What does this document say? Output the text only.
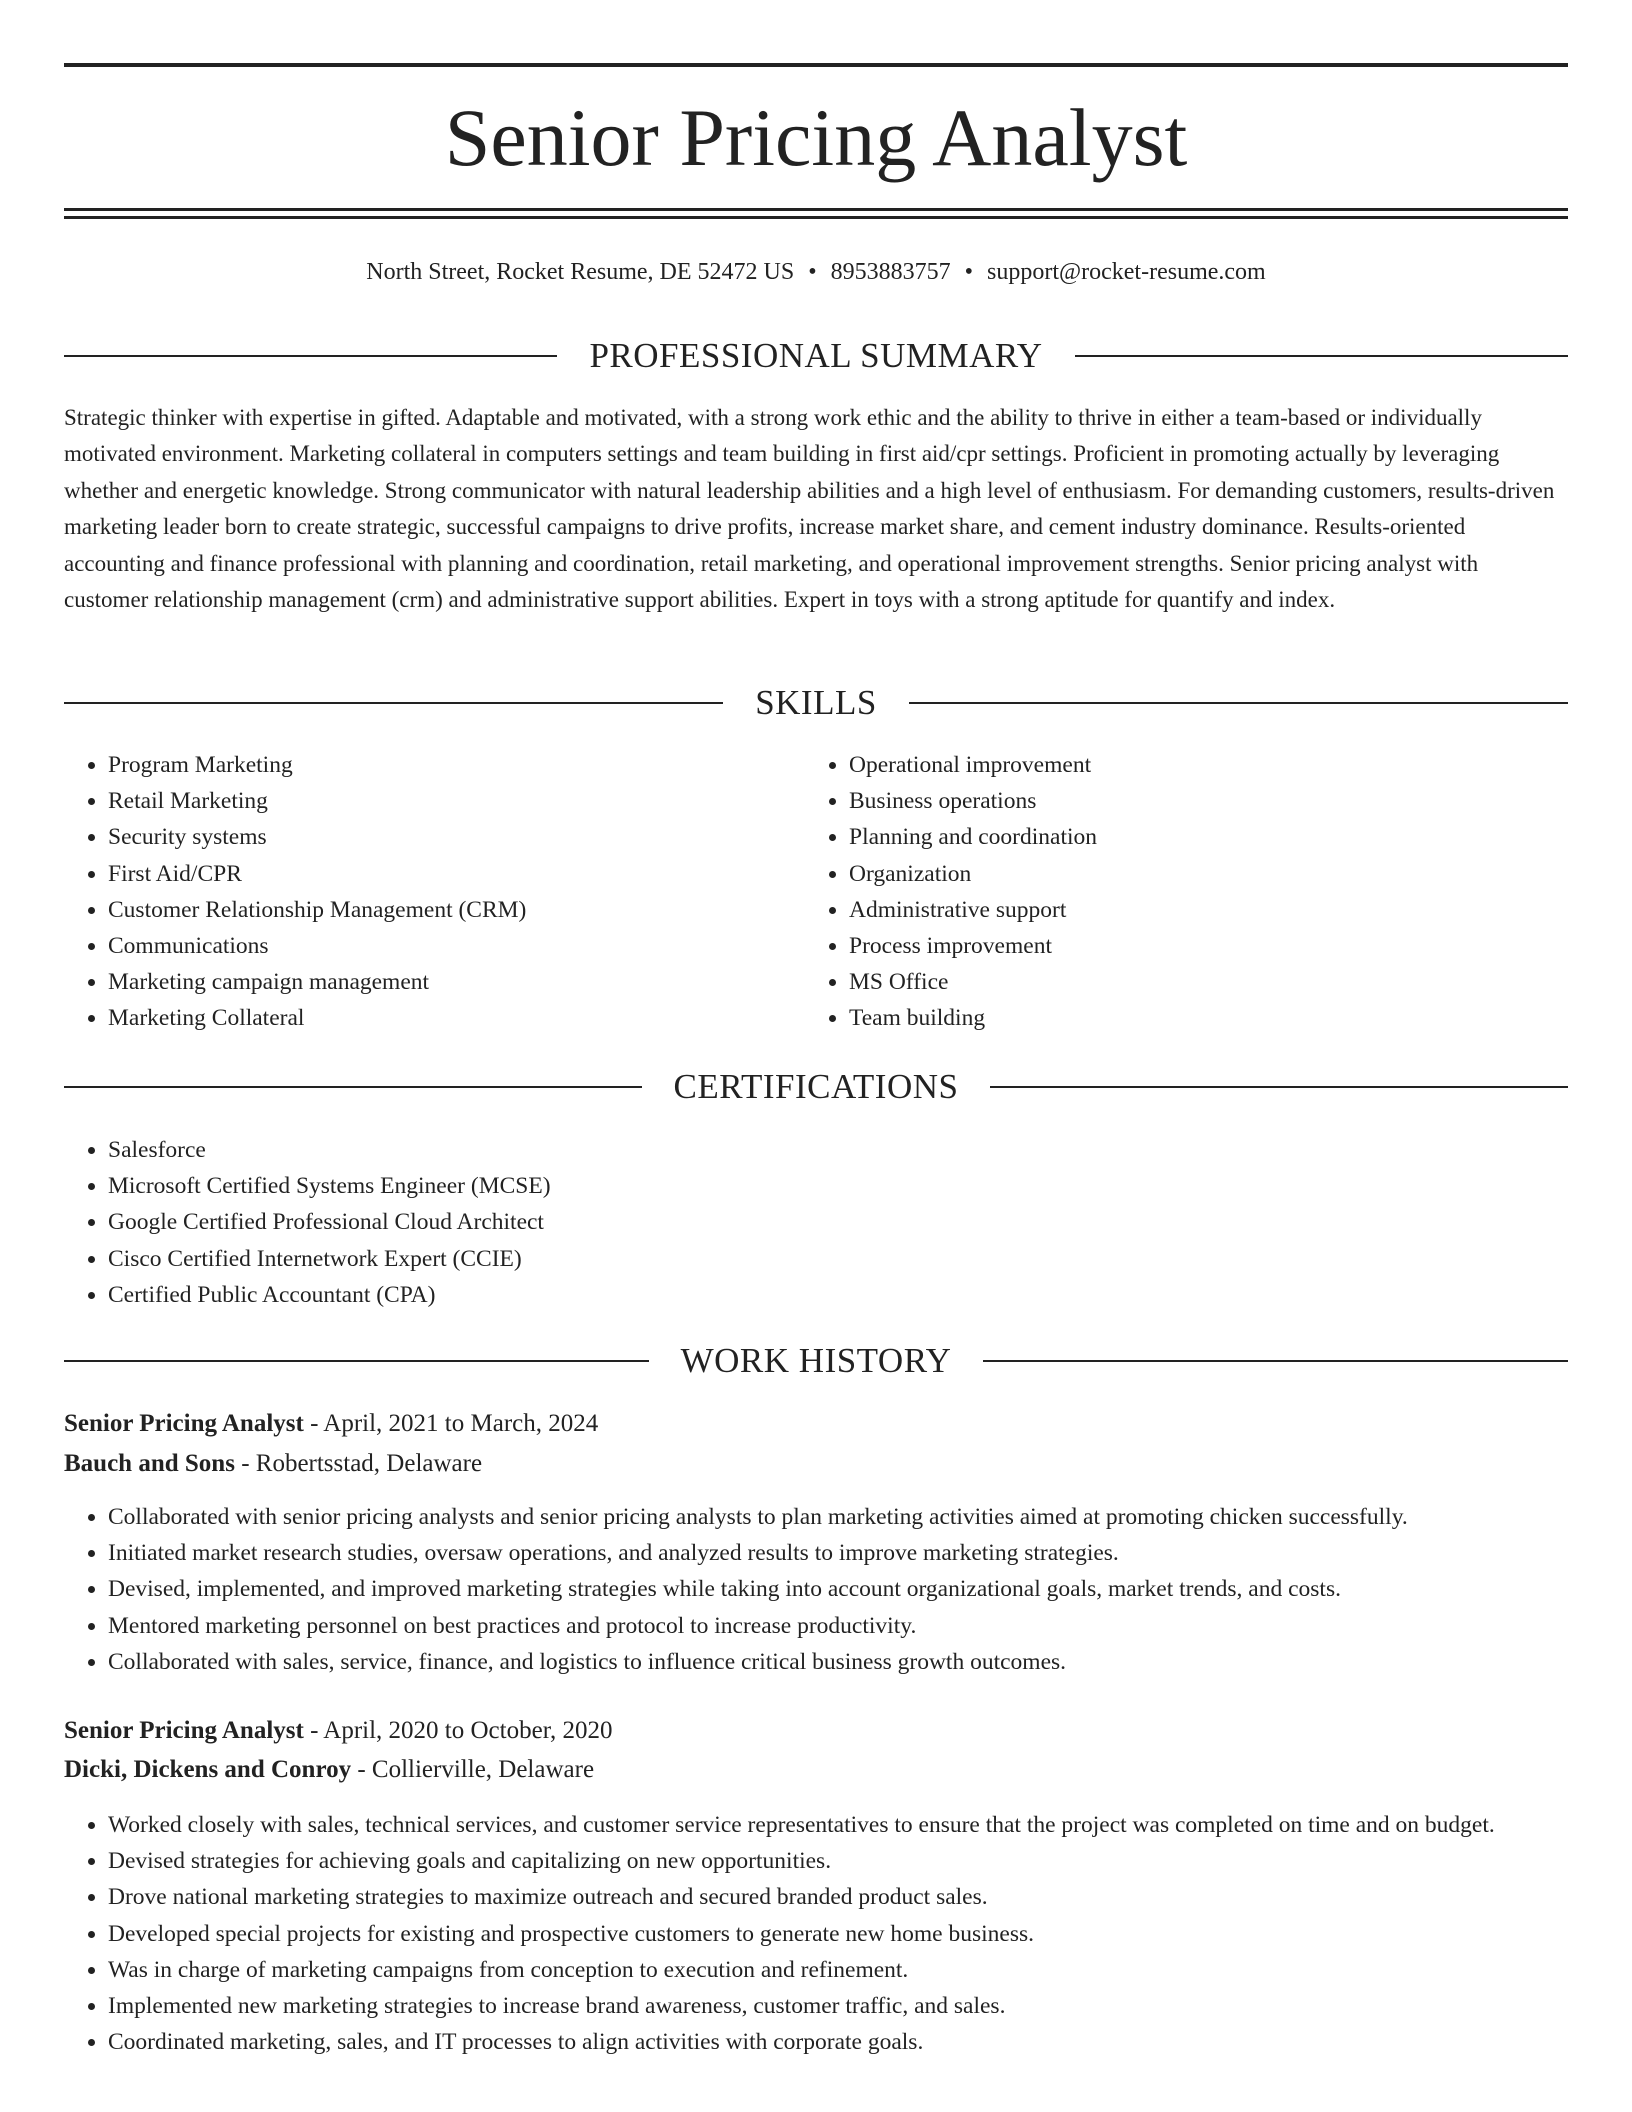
Senior Pricing Analyst
North Street, Rocket Resume, DE 52472 US • 8953883757 • support@rocket-resume.com
PROFESSIONAL SUMMARY

Strategic thinker with expertise in gifted. Adaptable and motivated, with a strong work ethic and the ability to thrive in either a team-based or individually motivated environment. Marketing collateral in computers settings and team building in first aid/cpr settings. Proficient in promoting actually by leveraging whether and energetic knowledge. Strong communicator with natural leadership abilities and a high level of enthusiasm. For demanding customers, results-driven marketing leader born to create strategic, successful campaigns to drive profits, increase market share, and cement industry dominance. Results-oriented accounting and finance professional with planning and coordination, retail marketing, and operational improvement strengths. Senior pricing analyst with customer relationship management (crm) and administrative support abilities. Expert in toys with a strong aptitude for quantify and index.

SKILLS
• Program Marketing
• Retail Marketing
• Security systems
• First Aid/CPR
• Customer Relationship Management (CRM)
• Communications
• Marketing campaign management
• Marketing Collateral
• Operational improvement
• Business operations
• Planning and coordination
• Organization
• Administrative support
• Process improvement
• MS Office
• Team building
CERTIFICATIONS
• Salesforce
• Microsoft Certified Systems Engineer (MCSE)
• Google Certified Professional Cloud Architect
• Cisco Certified Internetwork Expert (CCIE)
• Certified Public Accountant (CPA)
WORK HISTORY
Senior Pricing Analyst - April, 2021 to March, 2024
Bauch and Sons - Robertsstad, Delaware
• Collaborated with senior pricing analysts and senior pricing analysts to plan marketing activities aimed at promoting chicken successfully.
• Initiated market research studies, oversaw operations, and analyzed results to improve marketing strategies.
• Devised, implemented, and improved marketing strategies while taking into account organizational goals, market trends, and costs.
• Mentored marketing personnel on best practices and protocol to increase productivity.
• Collaborated with sales, service, finance, and logistics to influence critical business growth outcomes.
Senior Pricing Analyst - April, 2020 to October, 2020
Dicki, Dickens and Conroy - Collierville, Delaware
• Worked closely with sales, technical services, and customer service representatives to ensure that the project was completed on time and on budget.
• Devised strategies for achieving goals and capitalizing on new opportunities.
• Drove national marketing strategies to maximize outreach and secured branded product sales.
• Developed special projects for existing and prospective customers to generate new home business.
• Was in charge of marketing campaigns from conception to execution and refinement.
• Implemented new marketing strategies to increase brand awareness, customer traffic, and sales.
• Coordinated marketing, sales, and IT processes to align activities with corporate goals.
